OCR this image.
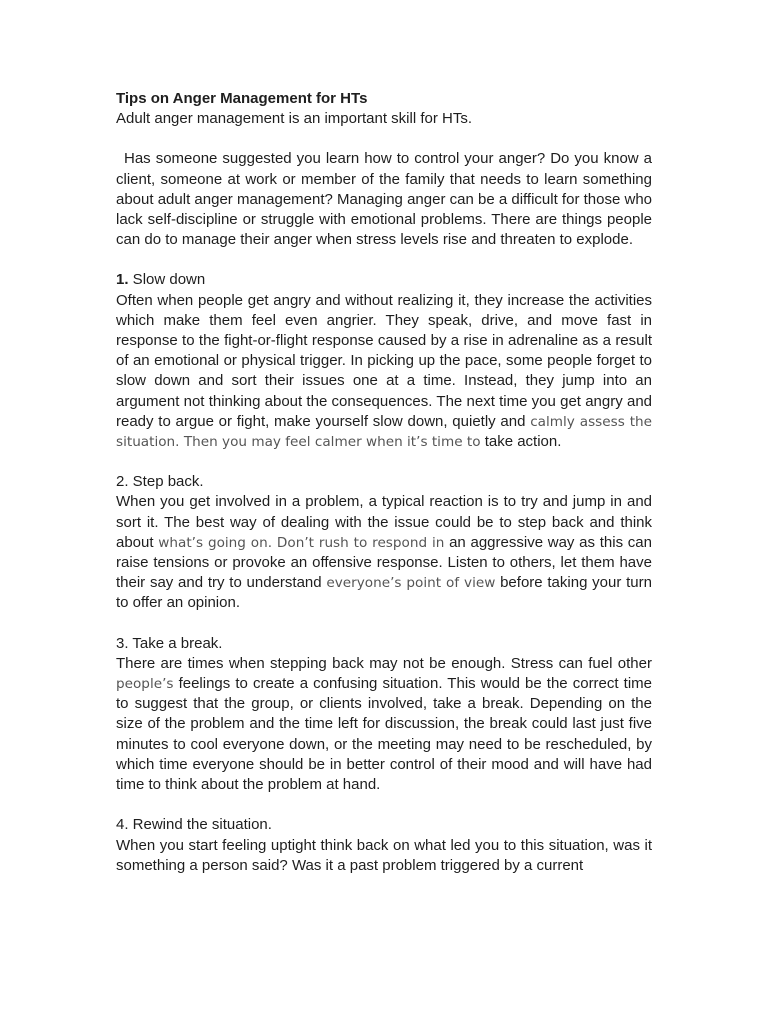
Tips on Anger Management for HTs

Adult anger management is an important skill for HTs.

Has someone suggested you learn how to control your anger? Do you know a client, someone at work or member of the family that needs to learn something about adult anger management? Managing anger can be a difficult for those who lack self-discipline or struggle with emotional problems. There are things people can do to manage their anger when stress levels rise and threaten to explode.

1. Slow down

Often when people get angry and without realizing it, they increase the activities which make them feel even angrier. They speak, drive, and move fast in response to the fight-or-flight response caused by a rise in adrenaline as a result of an emotional or physical trigger. In picking up the pace, some people forget to slow down and sort their issues one at a time. Instead, they jump into an argument not thinking about the consequences. The next time you get angry and ready to argue or fight, make yourself slow down, quietly and calmly assess the situation. Then you may feel calmer when it’s time to take action.

2. Step back.

When you get involved in a problem, a typical reaction is to try and jump in and sort it. The best way of dealing with the issue could be to step back and think about what’s going on. Don’t rush to respond in an aggressive way as this can raise tensions or provoke an offensive response. Listen to others, let them have their say and try to understand everyone’s point of view before taking your turn to offer an opinion.

3. Take a break.

There are times when stepping back may not be enough. Stress can fuel other people’s feelings to create a confusing situation. This would be the correct time to suggest that the group, or clients involved, take a break. Depending on the size of the problem and the time left for discussion, the break could last just five minutes to cool everyone down, or the meeting may need to be rescheduled, by which time everyone should be in better control of their mood and will have had time to think about the problem at hand.

4. Rewind the situation.

When you start feeling uptight think back on what led you to this situation, was it something a person said? Was it a past problem triggered by a current
